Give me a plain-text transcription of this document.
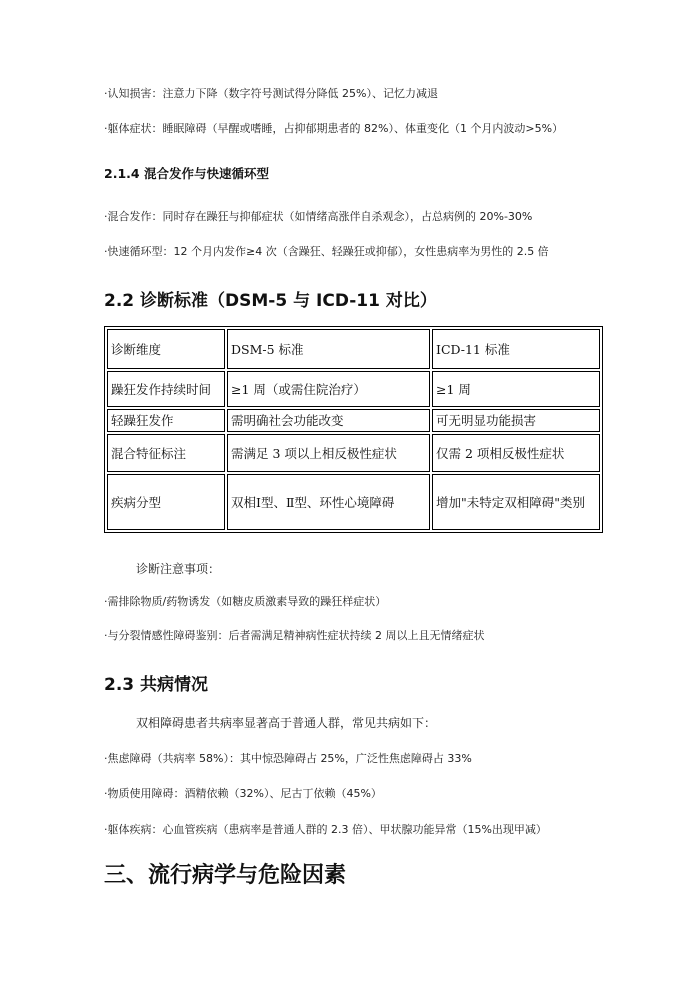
·认知损害：注意力下降（数字符号测试得分降低 25%）、记忆力减退
·躯体症状：睡眠障碍（早醒或嗜睡，占抑郁期患者的 82%）、体重变化（1 个月内波动>5%）
2.1.4 混合发作与快速循环型
·混合发作：同时存在躁狂与抑郁症状（如情绪高涨伴自杀观念），占总病例的 20%-30%
·快速循环型：12 个月内发作≥4 次（含躁狂、轻躁狂或抑郁），女性患病率为男性的 2.5 倍
2.2 诊断标准（DSM-5 与 ICD-11 对比）
诊断维度	DSM-5 标准	ICD-11 标准
躁狂发作持续时间	≥1 周（或需住院治疗）	≥1 周
轻躁狂发作	需明确社会功能改变	可无明显功能损害
混合特征标注	需满足 3 项以上相反极性症状	仅需 2 项相反极性症状
疾病分型	双相Ⅰ型、Ⅱ型、环性心境障碍	增加"未特定双相障碍"类别
诊断注意事项：
·需排除物质/药物诱发（如糖皮质激素导致的躁狂样症状）
·与分裂情感性障碍鉴别：后者需满足精神病性症状持续 2 周以上且无情绪症状
2.3 共病情况
双相障碍患者共病率显著高于普通人群，常见共病如下：
·焦虑障碍（共病率 58%）：其中惊恐障碍占 25%，广泛性焦虑障碍占 33%
·物质使用障碍：酒精依赖（32%）、尼古丁依赖（45%）
·躯体疾病：心血管疾病（患病率是普通人群的 2.3 倍）、甲状腺功能异常（15%出现甲减）
三、流行病学与危险因素
